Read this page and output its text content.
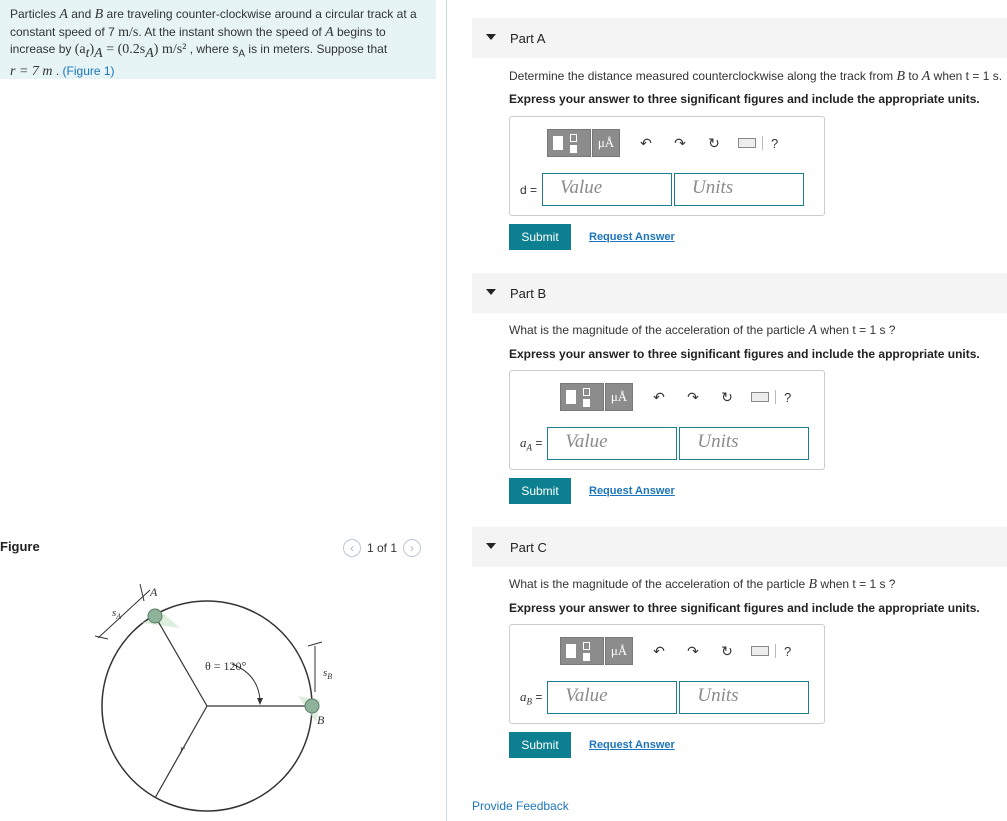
Particles A and B are traveling counter-clockwise around a circular track at a constant speed of 7 m/s. At the instant shown the speed of A begins to increase by $(a_t)_A = (0.2s_A)$ m/s² , where $s_A$ is in meters. Suppose that
r = 7 m . (Figure 1)
Figure	‹ 1 of 1 ›
A
B
$s_A$
$s_B$
θ = 120°
r
Part A
Determine the distance measured counterclockwise along the track from B to A when t = 1 s.
Express your answer to three significant figures and include the appropriate units.
μÅ	↶ ↷ ↻	?
d =	Value	Units
Submit	Request Answer
Part B
What is the magnitude of the acceleration of the particle A when t = 1 s ?
Express your answer to three significant figures and include the appropriate units.
μÅ	↶ ↷ ↻	?
$a_A$ =	Value	Units
Submit	Request Answer
Part C
What is the magnitude of the acceleration of the particle B when t = 1 s ?
Express your answer to three significant figures and include the appropriate units.
μÅ	↶ ↷ ↻	?
$a_B$ =	Value	Units
Submit	Request Answer
Provide Feedback
